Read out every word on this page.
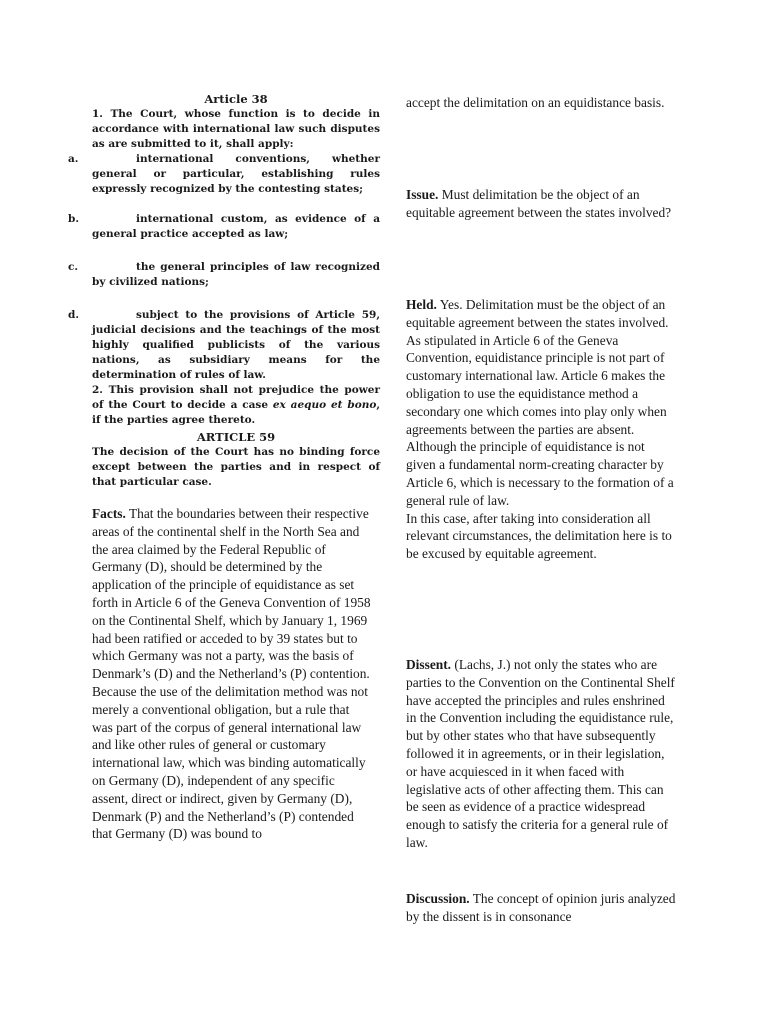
Article 38

1. The Court, whose function is to decide in accordance with international law such disputes as are submitted to it, shall apply:

a.	international conventions, whether general or particular, establishing rules expressly recognized by the contesting states;

b.	international custom, as evidence of a general practice accepted as law;

c.	the general principles of law recognized by civilized nations;

d.	subject to the provisions of Article 59, judicial decisions and the teachings of the most highly qualified publicists of the various nations, as subsidiary means for the determination of rules of law.

2. This provision shall not prejudice the power of the Court to decide a case ex aequo et bono, if the parties agree thereto.

ARTICLE 59

The decision of the Court has no binding force except between the parties and in respect of that particular case.

Facts. That the boundaries between their respective areas of the continental shelf in the North Sea and the area claimed by the Federal Republic of Germany (D), should be determined by the application of the principle of equidistance as set forth in Article 6 of the Geneva Convention of 1958 on the Continental Shelf, which by January 1, 1969 had been ratified or acceded to by 39 states but to which Germany was not a party, was the basis of Denmark’s (D) and the Netherland’s (P) contention.

Because the use of the delimitation method was not merely a conventional obligation, but a rule that was part of the corpus of general international law and like other rules of general or customary international law, which was binding automatically on Germany (D), independent of any specific assent, direct or indirect, given by Germany (D), Denmark (P) and the Netherland’s (P) contended that Germany (D) was bound to

accept the delimitation on an equidistance basis.

Issue. Must delimitation be the object of an equitable agreement between the states involved?

Held. Yes. Delimitation must be the object of an equitable agreement between the states involved. As stipulated in Article 6 of the Geneva Convention, equidistance principle is not part of customary international law. Article 6 makes the obligation to use the equidistance method a secondary one which comes into play only when agreements between the parties are absent. Although the principle of equidistance is not given a fundamental norm-creating character by Article 6, which is necessary to the formation of a general rule of law.

In this case, after taking into consideration all relevant circumstances, the delimitation here is to be excused by equitable agreement.

Dissent. (Lachs, J.) not only the states who are parties to the Convention on the Continental Shelf have accepted the principles and rules enshrined in the Convention including the equidistance rule, but by other states who that have subsequently followed it in agreements, or in their legislation, or have acquiesced in it when faced with legislative acts of other affecting them. This can be seen as evidence of a practice widespread enough to satisfy the criteria for a general rule of law.

Discussion. The concept of opinion juris analyzed by the dissent is in consonance
